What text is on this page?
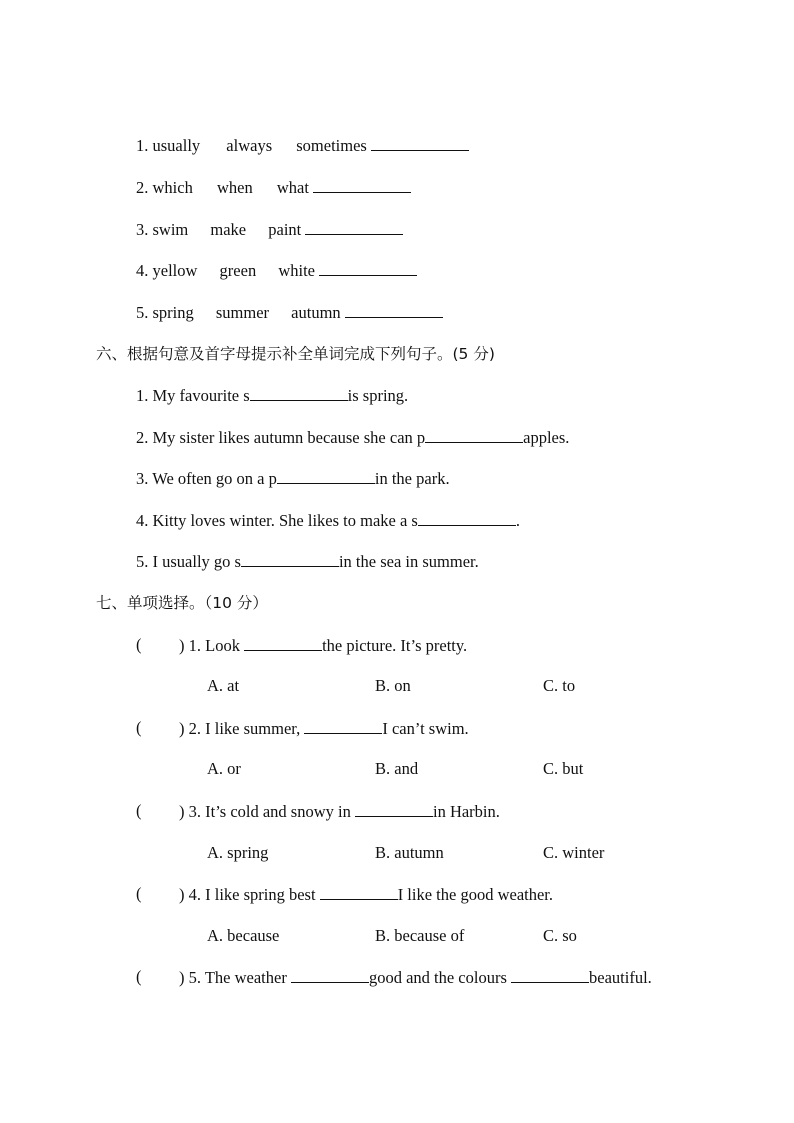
1. usually always sometimes
2. which when what
3. swim make paint
4. yellow green white
5. spring summer autumn
六、根据句意及首字母提示补全单词完成下列句子。(5 分)
1. My favourite s	is spring.
2. My sister likes autumn because she can p	apples.
3. We often go on a p	in the park.
4. Kitty loves winter. She likes to make a s	.
5. I usually go s	in the sea in summer.
七、单项选择。（10 分）
( ) 1. Look	the picture. It’s pretty.
A. at	B. on	C. to
( ) 2. I like summer,	I can’t swim.
A. or	B. and	C. but
( ) 3. It’s cold and snowy in	in Harbin.
A. spring	B. autumn	C. winter
( ) 4. I like spring best	I like the good weather.
A. because	B. because of	C. so
( ) 5. The weather	good and the colours	beautiful.
